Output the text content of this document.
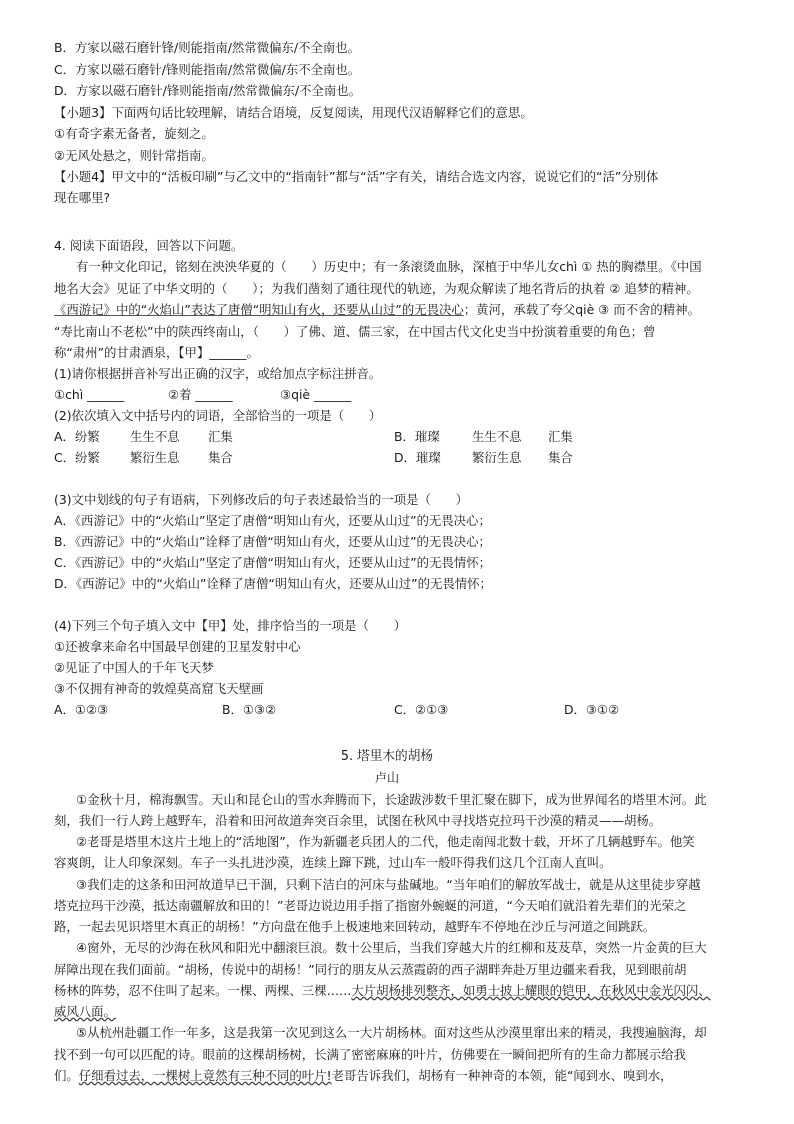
B．方家以磁石磨针锋/则能指南/然常微偏东/不全南也。
C．方家以磁石磨针/锋则能指南/然常微偏/东不全南也。
D．方家以磁石磨针/锋则能指南/然常微偏东/不全南也。
【小题3】下面两句话比较理解，请结合语境，反复阅读，用现代汉语解释它们的意思。
①有奇字素无备者，旋刻之。
②无风处悬之，则针常指南。
【小题4】甲文中的“活板印刷”与乙文中的“指南针”都与“活”字有关，请结合选文内容，说说它们的“活”分别体
现在哪里?
4. 阅读下面语段，回答以下问题。
有一种文化印记，铭刻在泱泱华夏的（　　）历史中；有一条滚烫血脉，深植于中华儿女chì ① 热的胸襟里。《中国
地名大会》见证了中华文明的（　　）；为我们凿刻了通往现代的轨迹，为观众解读了地名背后的执着 ② 追梦的精神。
《西游记》中的“火焰山”表达了唐僧“明知山有火，还要从山过”的无畏决心；黄河，承载了夸父qiè ③ 而不舍的精神。
“寿比南山不老松”中的陕西终南山，（　　）了佛、道、儒三家，在中国古代文化史当中扮演着重要的角色；曾
称“肃州”的甘肃酒泉，【甲】______。
(1)请你根据拼音补写出正确的汉字，或给加点字标注拼音。
①chì ______	②着 ______	③qiè ______
(2)依次填入文中括号内的词语，全部恰当的一项是（　　）
A．纷繁 生生不息 汇集	B．璀璨	生生不息 汇集
C．纷繁 繁衍生息 集合	D．璀璨	繁衍生息 集合
(3)文中划线的句子有语病，下列修改后的句子表述最恰当的一项是（　　）
A．《西游记》中的“火焰山”坚定了唐僧“明知山有火，还要从山过”的无畏决心；
B．《西游记》中的“火焰山”诠释了唐僧“明知山有火，还要从山过”的无畏决心；
C．《西游记》中的“火焰山”坚定了唐僧“明知山有火，还要从山过”的无畏情怀；
D．《西游记》中的“火焰山”诠释了唐僧“明知山有火，还要从山过”的无畏情怀；
(4)下列三个句子填入文中【甲】处，排序恰当的一项是（　　）
①还被拿来命名中国最早创建的卫星发射中心
②见证了中国人的千年飞天梦
③不仅拥有神奇的敦煌莫高窟飞天壁画
A．①②③	B．①③②	C．②①③	D．③①②
5. 塔里木的胡杨
卢山
①金秋十月，棉海飘雪。天山和昆仑山的雪水奔腾而下，长途跋涉数千里汇聚在脚下，成为世界闻名的塔里木河。此
刻，我们一行人跨上越野车，沿着和田河故道奔突百余里，试图在秋风中寻找塔克拉玛干沙漠的精灵——胡杨。
②老哥是塔里木这片土地上的“活地图”，作为新疆老兵团人的二代，他走南闯北数十载，开坏了几辆越野车。他笑
容爽朗，让人印象深刻。车子一头扎进沙漠，连续上蹿下跳，过山车一般吓得我们这几个江南人直叫。
③我们走的这条和田河故道早已干涸，只剩下洁白的河床与盐碱地。“当年咱们的解放军战士，就是从这里徒步穿越
塔克拉玛干沙漠，抵达南疆解放和田的！”老哥边说边用手指了指窗外蜿蜒的河道，“今天咱们就沿着先辈们的光荣之
路，一起去见识塔里木真正的胡杨！”方向盘在他手上极速地来回转动，越野车不停地在沙丘与河道之间跳跃。
④窗外，无尽的沙海在秋风和阳光中翻滚巨浪。数十公里后，当我们穿越大片的红柳和芨芨草，突然一片金黄的巨大
屏障出现在我们面前。“胡杨，传说中的胡杨！”同行的朋友从云蒸霞蔚的西子湖畔奔赴万里边疆来看我，见到眼前胡
杨林的阵势，忍不住叫了起来。一棵、两棵、三棵……大片胡杨排列整齐，如勇士披上耀眼的铠甲，在秋风中金光闪闪、
威风八面。
⑤从杭州赴疆工作一年多，这是我第一次见到这么一大片胡杨林。面对这些从沙漠里窜出来的精灵，我搜遍脑海，却
找不到一句可以匹配的诗。眼前的这棵胡杨树，长满了密密麻麻的叶片，仿佛要在一瞬间把所有的生命力都展示给我
们。仔细看过去，一棵树上竟然有三种不同的叶片!老哥告诉我们，胡杨有一种神奇的本领，能“闻到水、嗅到水，
